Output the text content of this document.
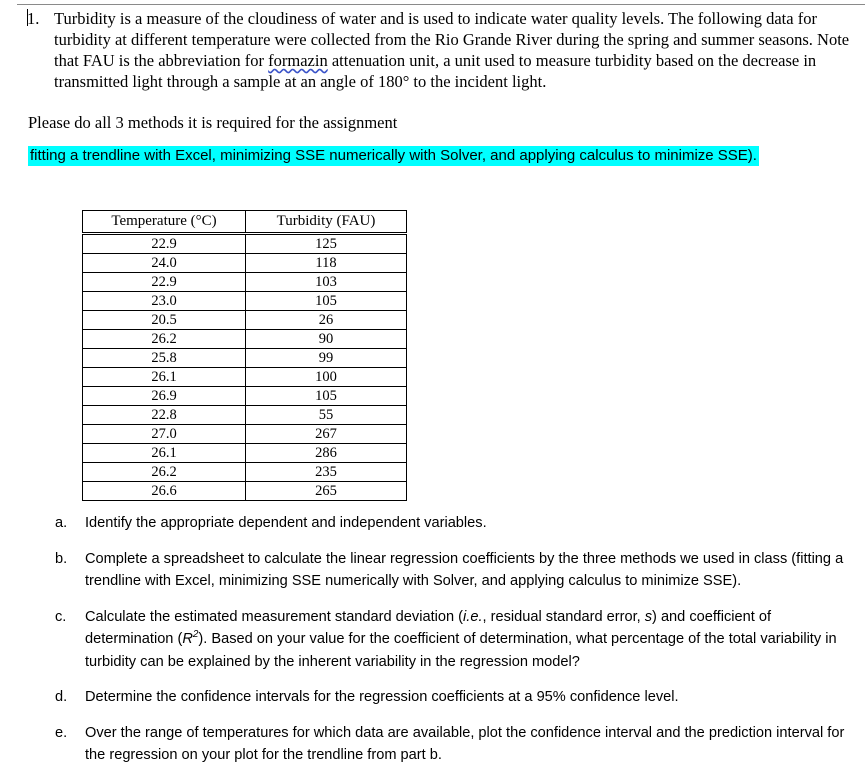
1. Turbidity is a measure of the cloudiness of water and is used to indicate water quality levels. The following data for turbidity at different temperature were collected from the Rio Grande River during the spring and summer seasons. Note that FAU is the abbreviation for formazin attenuation unit, a unit used to measure turbidity based on the decrease in transmitted light through a sample at an angle of 180° to the incident light.

Please do all 3 methods it is required for the assignment
fitting a trendline with Excel, minimizing SSE numerically with Solver, and applying calculus to minimize SSE).
Temperature (°C)	Turbidity (FAU)
22.9	125
24.0	118
22.9	103
23.0	105
20.5	26
26.2	90
25.8	99
26.1	100
26.9	105
22.8	55
27.0	267
26.1	286
26.2	235
26.6	265
a.	Identify the appropriate dependent and independent variables.
b.	Complete a spreadsheet to calculate the linear regression coefficients by the three methods we used in class (fitting a trendline with Excel, minimizing SSE numerically with Solver, and applying calculus to minimize SSE).
c.	Calculate the estimated measurement standard deviation (i.e., residual standard error, s) and coefficient of determination $(R^2)$. Based on your value for the coefficient of determination, what percentage of the total variability in turbidity can be explained by the inherent variability in the regression model?
d.	Determine the confidence intervals for the regression coefficients at a 95% confidence level.
e.	Over the range of temperatures for which data are available, plot the confidence interval and the prediction interval for the regression on your plot for the trendline from part b.
